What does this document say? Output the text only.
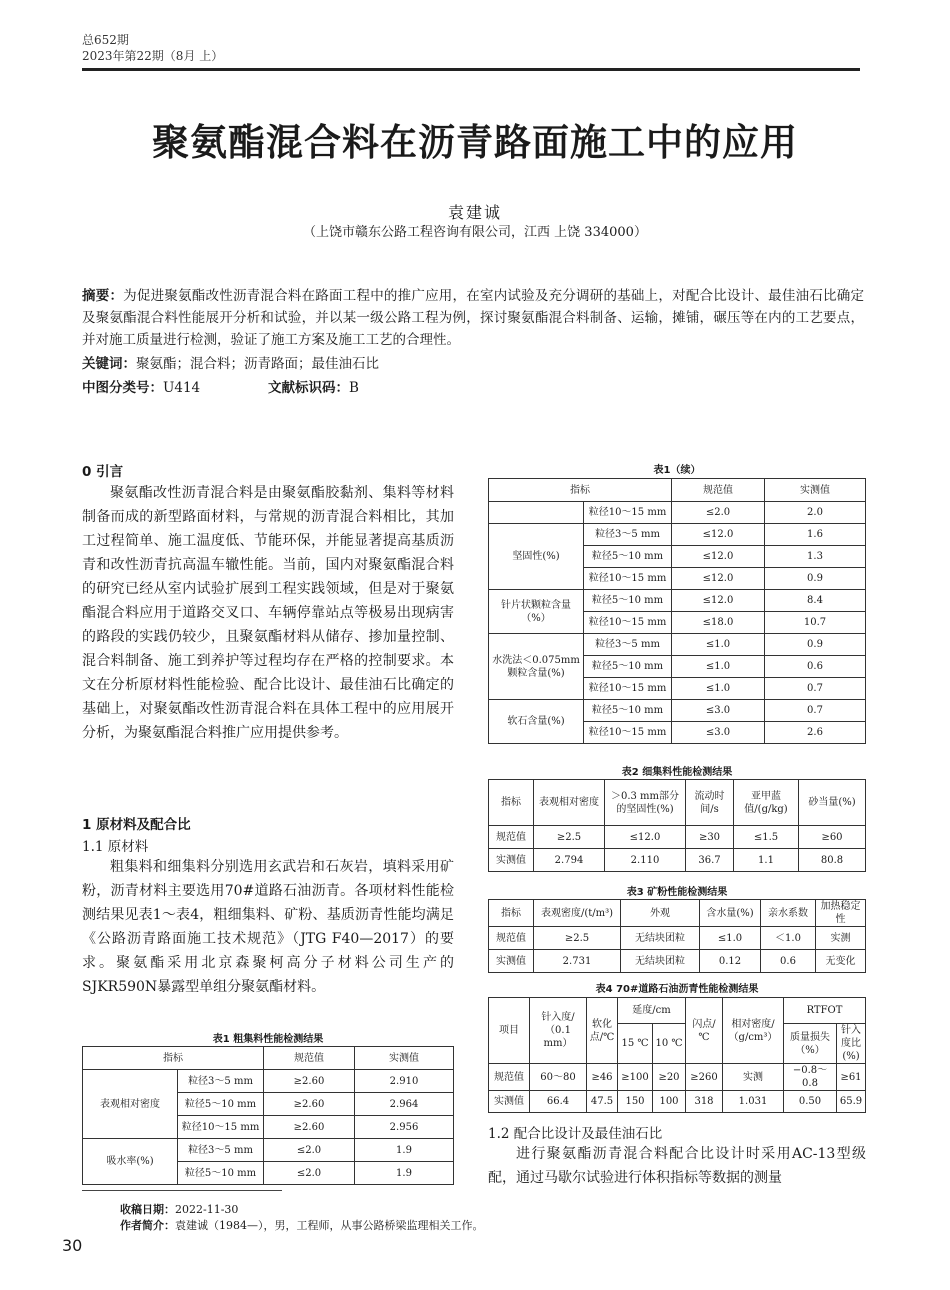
总652期
2023年第22期（8月 上）
聚氨酯混合料在沥青路面施工中的应用
袁建诚
（上饶市赣东公路工程咨询有限公司，江西 上饶 334000）
摘要：为促进聚氨酯改性沥青混合料在路面工程中的推广应用，在室内试验及充分调研的基础上，对配合比设计、最佳油石比确定及聚氨酯混合料性能展开分析和试验，并以某一级公路工程为例，探讨聚氨酯混合料制备、运输，摊铺，碾压等在内的工艺要点，并对施工质量进行检测，验证了施工方案及施工工艺的合理性。
关键词：聚氨酯；混合料；沥青路面；最佳油石比
中图分类号：U414	文献标识码：B
0 引言

聚氨酯改性沥青混合料是由聚氨酯胶黏剂、集料等材料制备而成的新型路面材料，与常规的沥青混合料相比，其加工过程简单、施工温度低、节能环保，并能显著提高基质沥青和改性沥青抗高温车辙性能。当前，国内对聚氨酯混合料的研究已经从室内试验扩展到工程实践领域，但是对于聚氨酯混合料应用于道路交叉口、车辆停靠站点等极易出现病害的路段的实践仍较少，且聚氨酯材料从储存、掺加量控制、混合料制备、施工到养护等过程均存在严格的控制要求。本文在分析原材料性能检验、配合比设计、最佳油石比确定的基础上，对聚氨酯改性沥青混合料在具体工程中的应用展开分析，为聚氨酯混合料推广应用提供参考。

1 原材料及配合比
1.1 原材料

粗集料和细集料分别选用玄武岩和石灰岩，填料采用矿粉，沥青材料主要选用70#道路石油沥青。各项材料性能检测结果见表1～表4，粗细集料、矿粉、基质沥青性能均满足《公路沥青路面施工技术规范》（JTG F40—2017）的要求。聚氨酯采用北京森聚柯高分子材料公司生产的SJKR590N暴露型单组分聚氨酯材料。

表1 粗集料性能检测结果
指标		规范值	实测值
表观相对密度	粒径3～5 mm	≥2.60	2.910
	粒径5～10 mm	≥2.60	2.964
	粒径10～15 mm	≥2.60	2.956
吸水率(%)	粒径3～5 mm	≤2.0	1.9
	粒径5～10 mm	≤2.0	1.9
表1（续）
指标		规范值	实测值
	粒径10～15 mm	≤2.0	2.0
坚固性(%)	粒径3～5 mm	≤12.0	1.6
	粒径5～10 mm	≤12.0	1.3
	粒径10～15 mm	≤12.0	0.9
针片状颗粒含量（%）	粒径5～10 mm	≤12.0	8.4
	粒径10～15 mm	≤18.0	10.7
水洗法＜0.075mm颗粒含量(%)	粒径3～5 mm	≤1.0	0.9
	粒径5～10 mm	≤1.0	0.6
	粒径10～15 mm	≤1.0	0.7
软石含量(%)	粒径5～10 mm	≤3.0	0.7
	粒径10～15 mm	≤3.0	2.6
表2 细集料性能检测结果
指标	表观相对密度	＞0.3 mm部分的坚固性(%)	流动时间/s	亚甲蓝值/(g/kg)	砂当量(%)
规范值	≥2.5	≤12.0	≥30	≤1.5	≥60
实测值	2.794	2.110	36.7	1.1	80.8
表3 矿粉性能检测结果
指标	表观密度/(t/m³)	外观	含水量(%)	亲水系数	加热稳定性
规范值	≥2.5	无结块团粒	≤1.0	＜1.0	实测
实测值	2.731	无结块团粒	0.12	0.6	无变化
表4 70#道路石油沥青性能检测结果
项目	针入度/（0.1 mm）	软化点/℃	延度/cm		闪点/℃	相对密度/（g/cm³）	RTFOT	
			15 ℃	10 ℃			质量损失（%）	针入度比(%)
规范值	60～80	≥46	≥100	≥20	≥260	实测	−0.8～0.8	≥61
实测值	66.4	47.5	150	100	318	1.031	0.50	65.9
1.2 配合比设计及最佳油石比

进行聚氨酯沥青混合料配合比设计时采用AC-13型级配，通过马歇尔试验进行体积指标等数据的测量

收稿日期：2022-11-30
作者简介：袁建诚（1984—），男，工程师，从事公路桥梁监理相关工作。
30
